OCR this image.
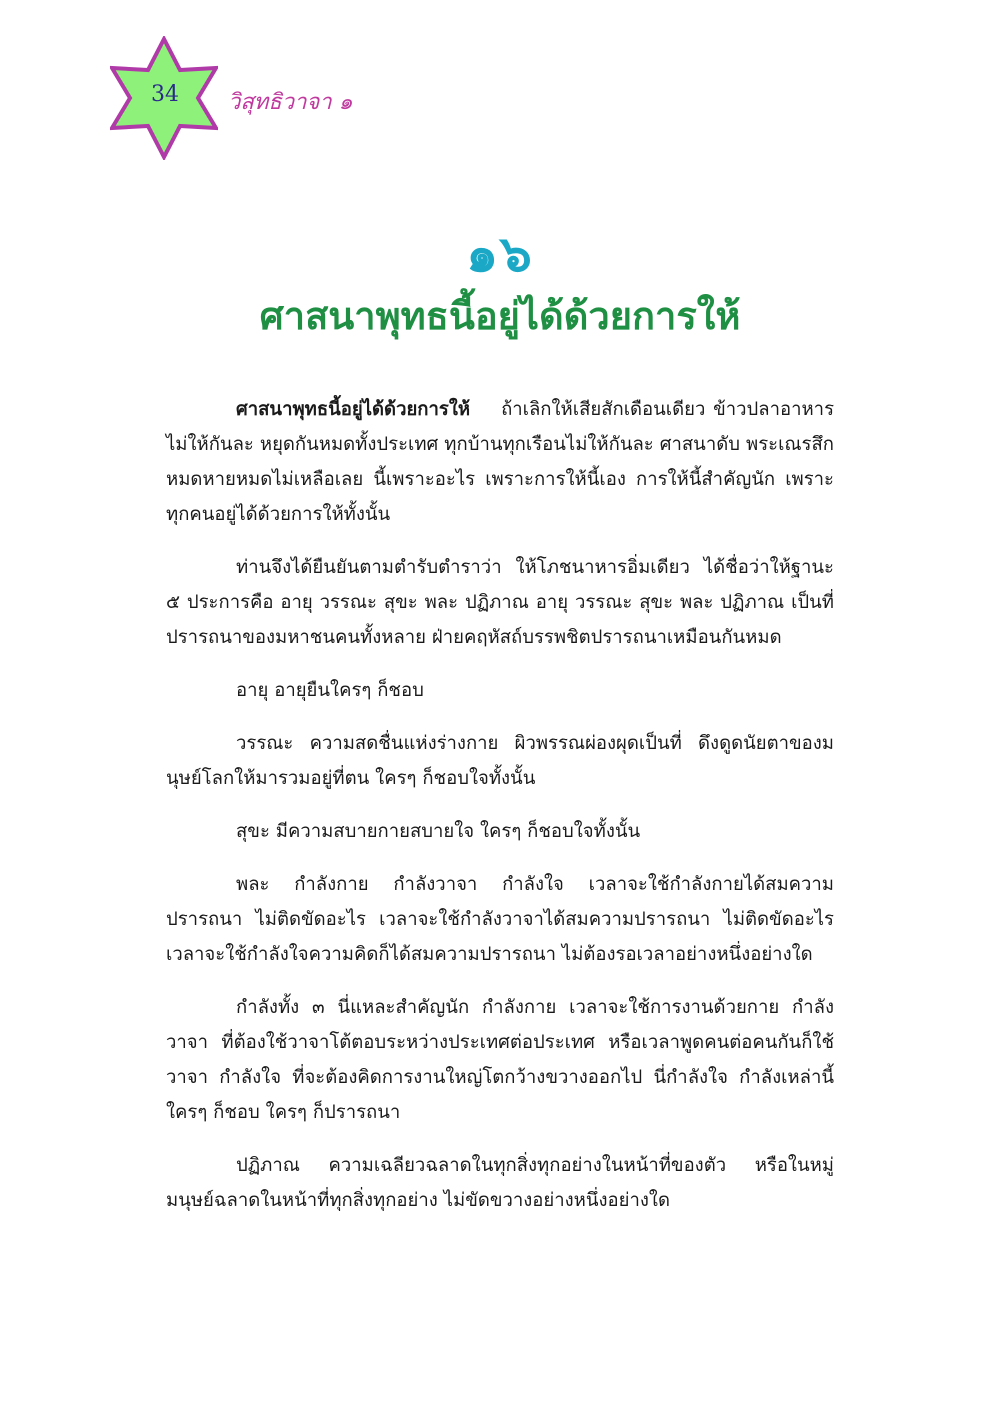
34	วิสุทธิวาจา ๑
๑๖
ศาสนาพุทธนี้อยู่ได้ด้วยการให้

ศาสนาพุทธนี้อยู่ได้ด้วยการให้ ถ้าเลิกให้เสียสักเดือนเดียว ข้าวปลาอาหารไม่ให้กันละ หยุดกันหมดทั้งประเทศ ทุกบ้านทุกเรือนไม่ให้กันละ ศาสนาดับ พระเณรสึกหมดหายหมดไม่เหลือเลย นี้เพราะอะไร เพราะการให้นี้เอง การให้นี้สำคัญนัก เพราะทุกคนอยู่ได้ด้วยการให้ทั้งนั้น

ท่านจึงได้ยืนยันตามตำรับตำราว่า ให้โภชนาหารอิ่มเดียว ได้ชื่อว่าให้ฐานะ ๕ ประการคือ อายุ วรรณะ สุขะ พละ ปฏิภาณ อายุ วรรณะ สุขะ พละ ปฏิภาณ เป็นที่ปรารถนาของมหาชนคนทั้งหลาย ฝ่ายคฤหัสถ์บรรพชิตปรารถนาเหมือนกันหมด

อายุ อายุยืนใครๆ ก็ชอบ

วรรณะ ความสดชื่นแห่งร่างกาย ผิวพรรณผ่องผุดเป็นที่ ดึงดูดนัยตาของมนุษย์โลกให้มารวมอยู่ที่ตน ใครๆ ก็ชอบใจทั้งนั้น

สุขะ มีความสบายกายสบายใจ ใครๆ ก็ชอบใจทั้งนั้น

พละ กำลังกาย กำลังวาจา กำลังใจ เวลาจะใช้กำลังกายได้สมความปรารถนา ไม่ติดขัดอะไร เวลาจะใช้กำลังวาจาได้สมความปรารถนา ไม่ติดขัดอะไร เวลาจะใช้กำลังใจความคิดก็ได้สมความปรารถนา ไม่ต้องรอเวลาอย่างหนึ่งอย่างใด

กำลังทั้ง ๓ นี่แหละสำคัญนัก กำลังกาย เวลาจะใช้การงานด้วยกาย กำลังวาจา ที่ต้องใช้วาจาโต้ตอบระหว่างประเทศต่อประเทศ หรือเวลาพูดคนต่อคนกันก็ใช้วาจา กำลังใจ ที่จะต้องคิดการงานใหญ่โตกว้างขวางออกไป นี่กำลังใจ กำลังเหล่านี้ใครๆ ก็ชอบ ใครๆ ก็ปรารถนา

ปฏิภาณ ความเฉลียวฉลาดในทุกสิ่งทุกอย่างในหน้าที่ของตัว หรือในหมู่มนุษย์ฉลาดในหน้าที่ทุกสิ่งทุกอย่าง ไม่ขัดขวางอย่างหนึ่งอย่างใด
